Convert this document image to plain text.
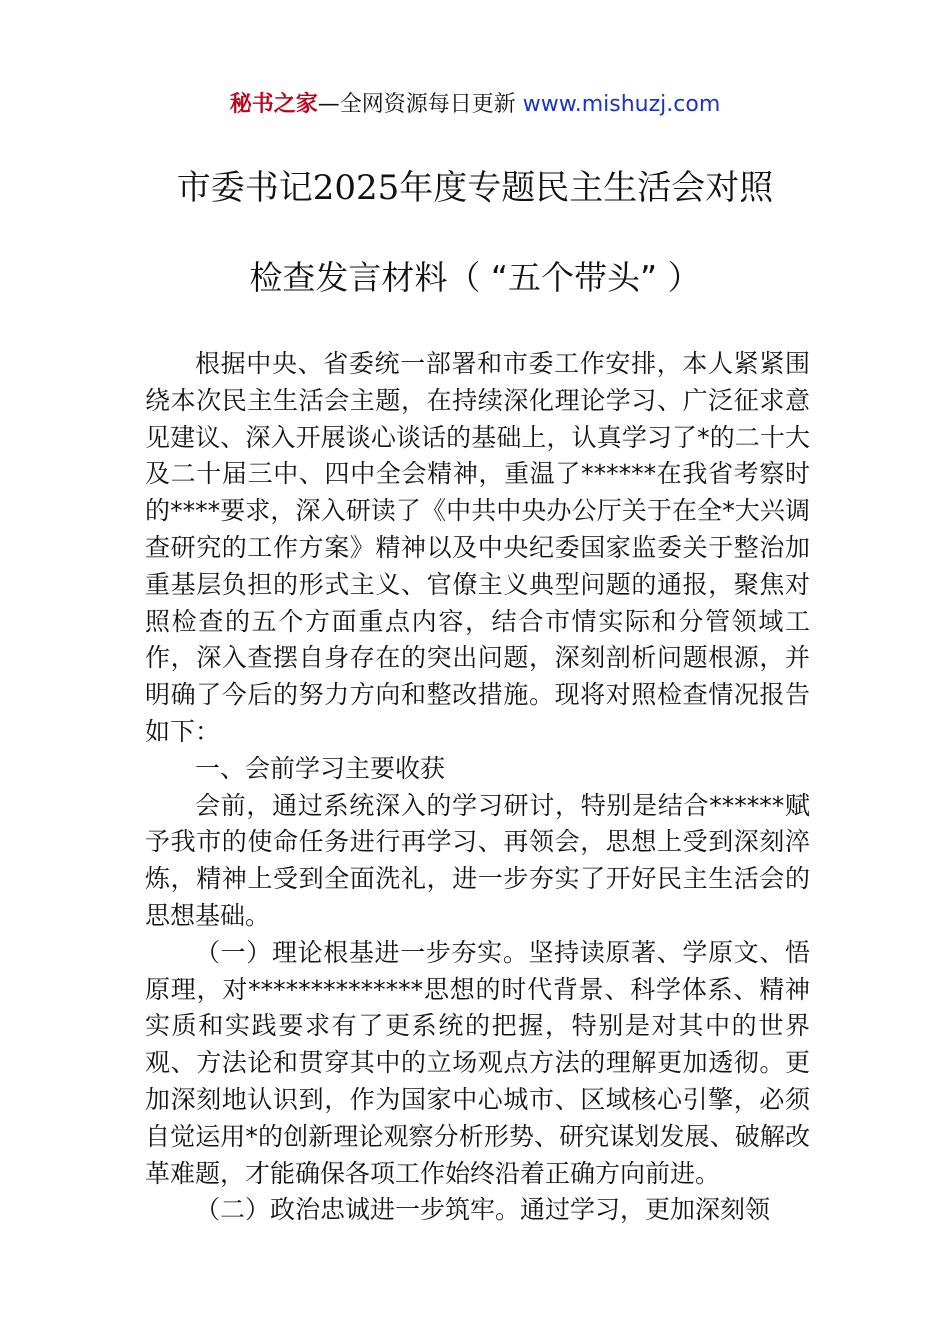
秘书之家—全网资源每日更新 www.mishuzj.com
市委书记2025年度专题民主生活会对照
检查发言材料（ “五个带头” ）

根据中央、省委统一部署和市委工作安排，本人紧紧围绕本次民主生活会主题，在持续深化理论学习、广泛征求意见建议、深入开展谈心谈话的基础上，认真学习了*的二十大及二十届三中、四中全会精神，重温了******在我省考察时的****要求，深入研读了《中共中央办公厅关于在全*大兴调查研究的工作方案》精神以及中央纪委国家监委关于整治加重基层负担的形式主义、官僚主义典型问题的通报，聚焦对照检查的五个方面重点内容，结合市情实际和分管领域工作，深入查摆自身存在的突出问题，深刻剖析问题根源，并明确了今后的努力方向和整改措施。现将对照检查情况报告如下：

一、会前学习主要收获

会前，通过系统深入的学习研讨，特别是结合******赋予我市的使命任务进行再学习、再领会，思想上受到深刻淬炼，精神上受到全面洗礼，进一步夯实了开好民主生活会的思想基础。

（一）理论根基进一步夯实。坚持读原著、学原文、悟原理，对**************思想的时代背景、科学体系、精神实质和实践要求有了更系统的把握，特别是对其中的世界观、方法论和贯穿其中的立场观点方法的理解更加透彻。更加深刻地认识到，作为国家中心城市、区域核心引擎，必须自觉运用*的创新理论观察分析形势、研究谋划发展、破解改革难题，才能确保各项工作始终沿着正确方向前进。

（二）政治忠诚进一步筑牢。通过学习，更加深刻领
